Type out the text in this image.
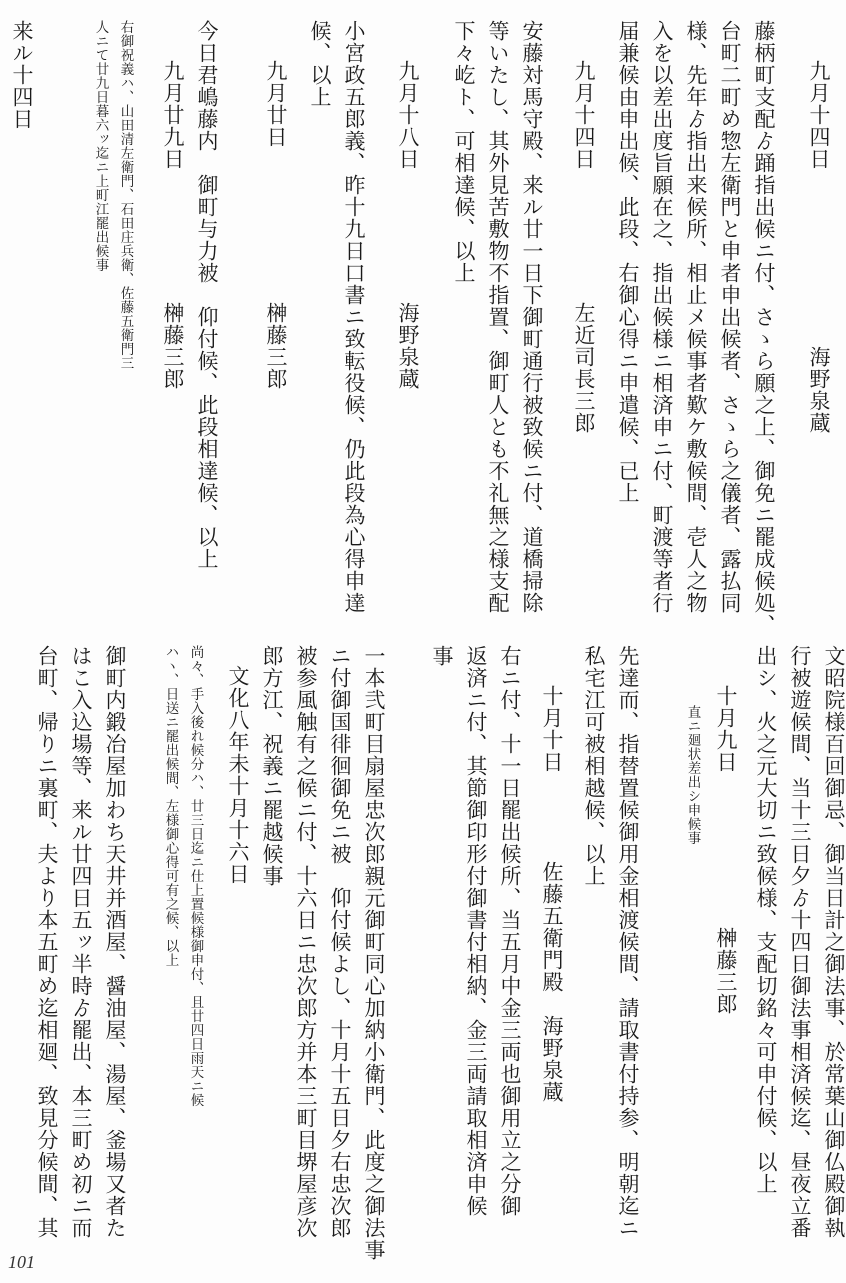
九月十四日　　　　　　　　海野泉蔵
藤柄町支配ゟ踊指出候ニ付、さゝら願之上、御免ニ罷成候処、
台町二町め惣左衛門と申者申出候者、さゝら之儀者、露払同
様、先年ゟ指出来候所、相止メ候事者歎ケ敷候間、壱人之物
入を以差出度旨願在之、指出候様ニ相済申ニ付、町渡等者行
届兼候由申出候、此段、右御心得ニ申遣候、已上
九月十四日　　　　　　左近司長三郎
安藤対馬守殿、来ル廿一日下御町通行被致候ニ付、道橋掃除
等いたし、其外見苦敷物不指置、御町人とも不礼無之様支配
下々屹ト、可相達候、以上
九月十八日　　　　　　海野泉蔵
小宮政五郎義、昨十九日口書ニ致転役候、仍此段為心得申達
候、以上
九月廿日　　　　　　　榊藤三郎
今日君嶋藤内　御町与力被　仰付候、此段相達候、以上
九月廿九日　　　　　　榊藤三郎
右御祝義ハ、山田清左衛門、石田庄兵衛、佐藤五衛門三
人ニて廿九日暮六ッ迄ニ上町江罷出候事
来ル十四日
文昭院様百回御忌、御当日計之御法事、於常葉山御仏殿御執
行被遊候間、当十三日夕ゟ十四日御法事相済候迄、昼夜立番
出シ、火之元大切ニ致候様、支配切銘々可申付候、以上
十月九日　　　　　　　榊藤三郎
直ニ廻状差出シ申候事
先達而、指替置候御用金相渡候間、請取書付持参、明朝迄ニ
私宅江可被相越候、以上
十月十日　　　　佐藤五衛門殿　海野泉蔵
右ニ付、十一日罷出候所、当五月中金三両也御用立之分御
返済ニ付、其節御印形付御書付相納、金三両請取相済申候
事
一本弐町目扇屋忠次郎親元御町同心加納小衛門、此度之御法事
ニ付御国徘徊御免ニ被　仰付候よし、十月十五日夕右忠次郎
被参風触有之候ニ付、十六日ニ忠次郎方并本三町目堺屋彦次
郎方江、祝義ニ罷越候事
文化八年未十月十六日
尚々、手入後れ候分ハ、廿三日迄ニ仕上置候様御申付、且廿四日雨天ニ候
ハヽ、日送ニ罷出候間、左様御心得可有之候、以上
御町内鍛冶屋加わち天井并酒屋、醤油屋、湯屋、釜場又者た
はこ入込場等、来ル廿四日五ッ半時ゟ罷出、本三町め初ニ而
台町、帰りニ裏町、夫より本五町め迄相廻、致見分候間、其
101
